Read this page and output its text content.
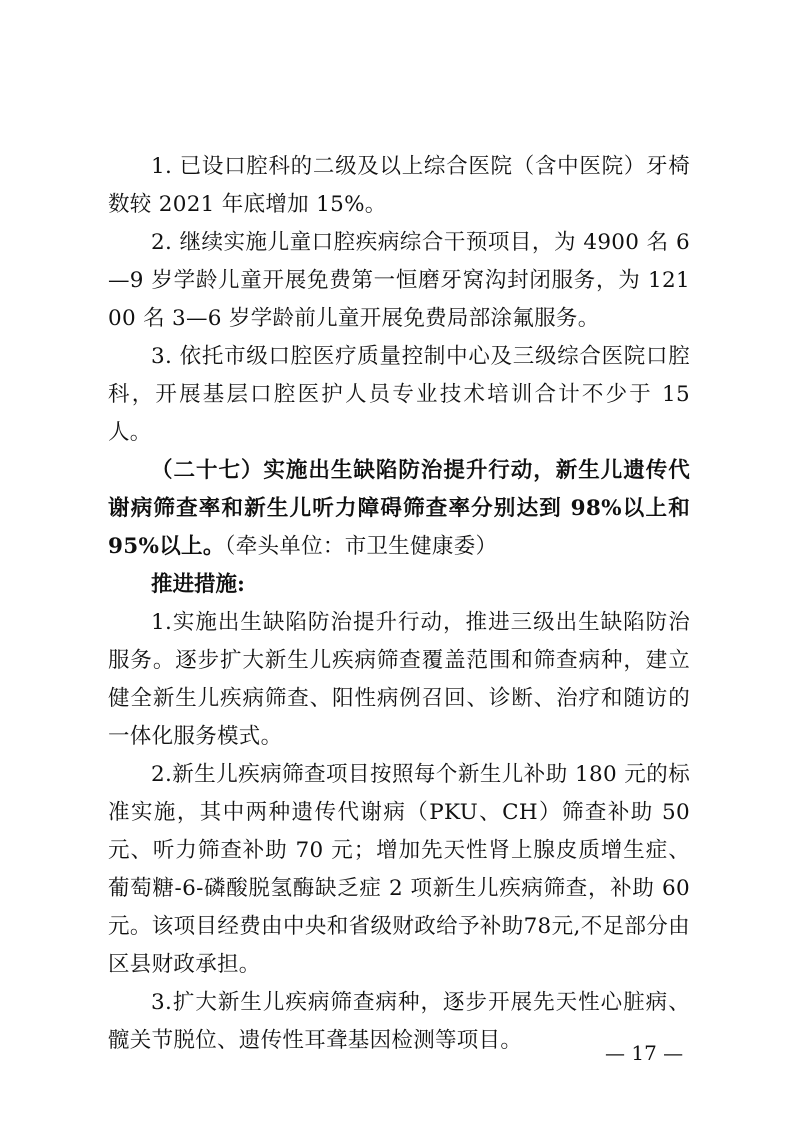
1. 已设口腔科的二级及以上综合医院（含中医院）牙椅数较 2021 年底增加 15%。

2. 继续实施儿童口腔疾病综合干预项目，为 4900 名 6—9 岁学龄儿童开展免费第一恒磨牙窝沟封闭服务，为 12100 名 3—6 岁学龄前儿童开展免费局部涂氟服务。

3. 依托市级口腔医疗质量控制中心及三级综合医院口腔科，开展基层口腔医护人员专业技术培训合计不少于 15 人。

（二十七）实施出生缺陷防治提升行动，新生儿遗传代谢病筛查率和新生儿听力障碍筛查率分别达到 98%以上和 95%以上。（牵头单位：市卫生健康委）

推进措施:

1.实施出生缺陷防治提升行动，推进三级出生缺陷防治服务。逐步扩大新生儿疾病筛查覆盖范围和筛查病种，建立健全新生儿疾病筛查、阳性病例召回、诊断、治疗和随访的一体化服务模式。

2.新生儿疾病筛查项目按照每个新生儿补助 180 元的标准实施，其中两种遗传代谢病（PKU、CH）筛查补助 50 元、听力筛查补助 70 元；增加先天性肾上腺皮质增生症、葡萄糖-6-磷酸脱氢酶缺乏症 2 项新生儿疾病筛查，补助 60 元。该项目经费由中央和省级财政给予补助78元,不足部分由区县财政承担。

3.扩大新生儿疾病筛查病种，逐步开展先天性心脏病、髋关节脱位、遗传性耳聋基因检测等项目。	— 17 —
